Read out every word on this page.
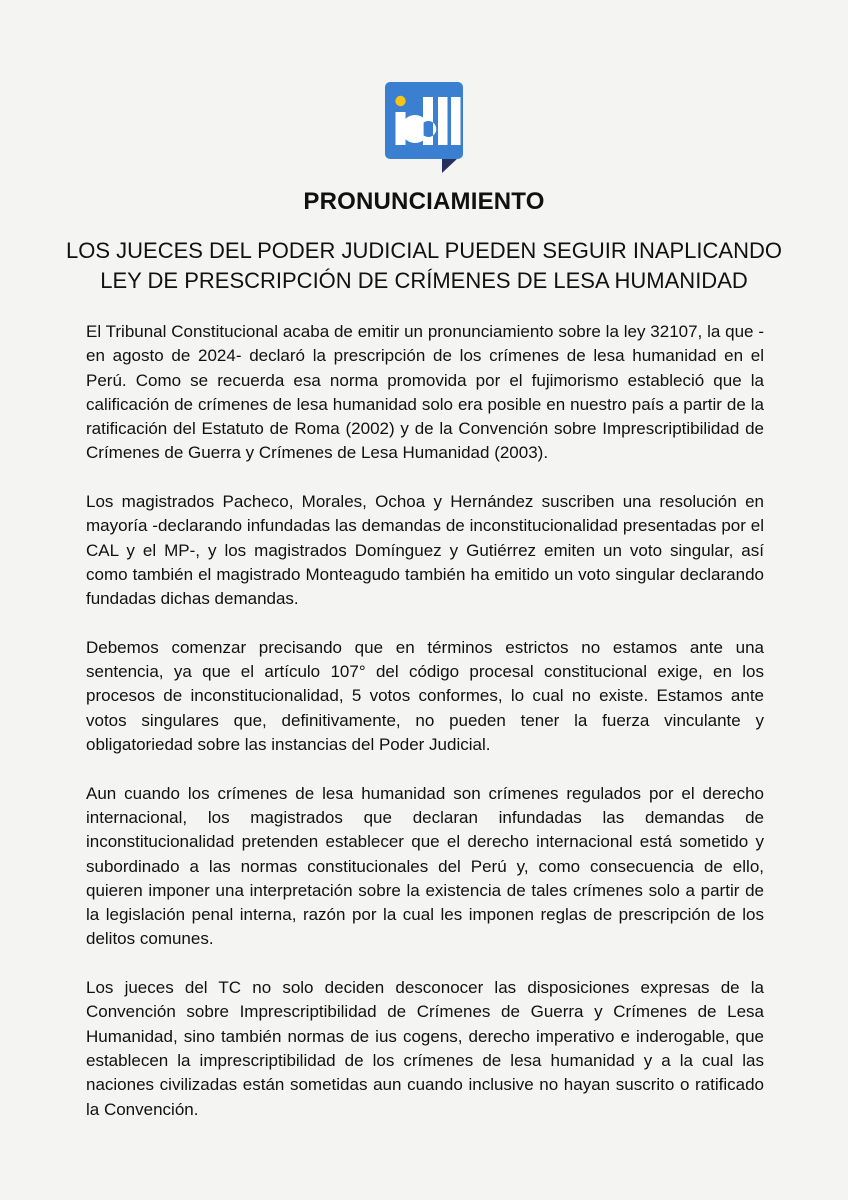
PRONUNCIAMIENTO
LOS JUECES DEL PODER JUDICIAL PUEDEN SEGUIR INAPLICANDO
LEY DE PRESCRIPCIÓN DE CRÍMENES DE LESA HUMANIDAD

El Tribunal Constitucional acaba de emitir un pronunciamiento sobre la ley 32107, la que -en agosto de 2024- declaró la prescripción de los crímenes de lesa humanidad en el Perú. Como se recuerda esa norma promovida por el fujimorismo estableció que la calificación de crímenes de lesa humanidad solo era posible en nuestro país a partir de la ratificación del Estatuto de Roma (2002) y de la Convención sobre Imprescriptibilidad de Crímenes de Guerra y Crímenes de Lesa Humanidad (2003).

Los magistrados Pacheco, Morales, Ochoa y Hernández suscriben una resolución en mayoría -declarando infundadas las demandas de inconstitucionalidad presentadas por el CAL y el MP-, y los magistrados Domínguez y Gutiérrez emiten un voto singular, así como también el magistrado Monteagudo también ha emitido un voto singular declarando fundadas dichas demandas.

Debemos comenzar precisando que en términos estrictos no estamos ante una sentencia, ya que el artículo 107° del código procesal constitucional exige, en los procesos de inconstitucionalidad, 5 votos conformes, lo cual no existe. Estamos ante votos singulares que, definitivamente, no pueden tener la fuerza vinculante y obligatoriedad sobre las instancias del Poder Judicial.

Aun cuando los crímenes de lesa humanidad son crímenes regulados por el derecho internacional, los magistrados que declaran infundadas las demandas de inconstitucionalidad pretenden establecer que el derecho internacional está sometido y subordinado a las normas constitucionales del Perú y, como consecuencia de ello, quieren imponer una interpretación sobre la existencia de tales crímenes solo a partir de la legislación penal interna, razón por la cual les imponen reglas de prescripción de los delitos comunes.

Los jueces del TC no solo deciden desconocer las disposiciones expresas de la Convención sobre Imprescriptibilidad de Crímenes de Guerra y Crímenes de Lesa Humanidad, sino también normas de ius cogens, derecho imperativo e inderogable, que establecen la imprescriptibilidad de los crímenes de lesa humanidad y a la cual las naciones civilizadas están sometidas aun cuando inclusive no hayan suscrito o ratificado la Convención.
